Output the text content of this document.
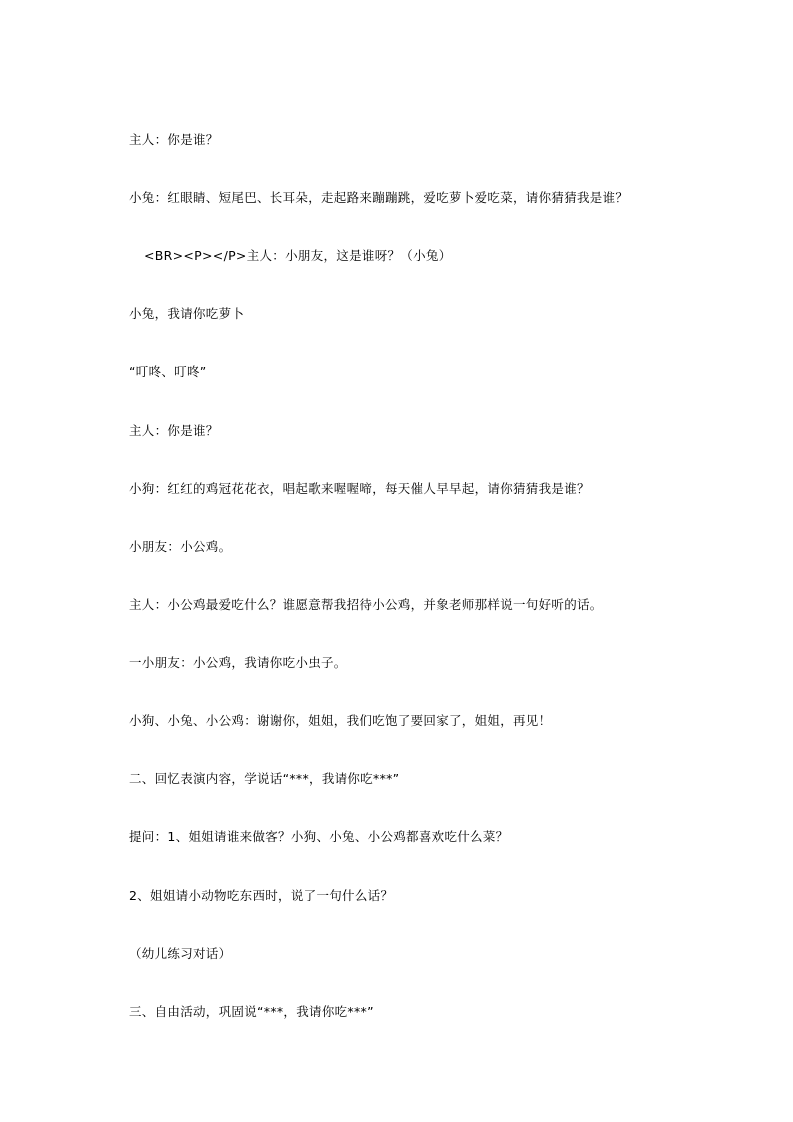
主人：你是谁？
小兔：红眼睛、短尾巴、长耳朵，走起路来蹦蹦跳，爱吃萝卜爱吃菜，请你猜猜我是谁？
<BR><P></P>主人：小朋友，这是谁呀？（小兔）
小兔，我请你吃萝卜
“叮咚、叮咚”
主人：你是谁？
小狗：红红的鸡冠花花衣，唱起歌来喔喔啼，每天催人早早起，请你猜猜我是谁？
小朋友：小公鸡。
主人：小公鸡最爱吃什么？谁愿意帮我招待小公鸡，并象老师那样说一句好听的话。
一小朋友：小公鸡，我请你吃小虫子。
小狗、小兔、小公鸡：谢谢你，姐姐，我们吃饱了要回家了，姐姐，再见！
二、回忆表演内容，学说话“***，我请你吃***”
提问：1、姐姐请谁来做客？小狗、小兔、小公鸡都喜欢吃什么菜？
2、姐姐请小动物吃东西时，说了一句什么话？
（幼儿练习对话）
三、自由活动，巩固说“***，我请你吃***”
